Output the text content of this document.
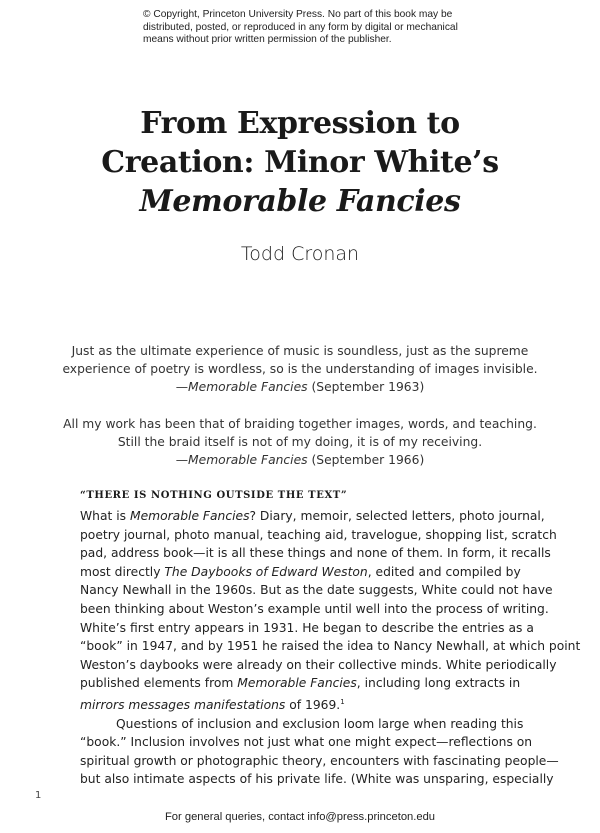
© Copyright, Princeton University Press. No part of this book may be
distributed, posted, or reproduced in any form by digital or mechanical
means without prior written permission of the publisher.
From Expression to
Creation: Minor White’s
Memorable Fancies
Todd Cronan
Just as the ultimate experience of music is soundless, just as the supreme
experience of poetry is wordless, so is the understanding of images invisible.
—Memorable Fancies (September 1963)
All my work has been that of braiding together images, words, and teaching.
Still the braid itself is not of my doing, it is of my receiving.
—Memorable Fancies (September 1966)
“THERE IS NOTHING OUTSIDE THE TEXT”
What is Memorable Fancies? Diary, memoir, selected letters, photo journal,
poetry journal, photo manual, teaching aid, travelogue, shopping list, scratch
pad, address book—it is all these things and none of them. In form, it recalls
most directly The Daybooks of Edward Weston, edited and compiled by
Nancy Newhall in the 1960s. But as the date suggests, White could not have
been thinking about Weston’s example until well into the process of writing.
White’s first entry appears in 1931. He began to describe the entries as a
“book” in 1947, and by 1951 he raised the idea to Nancy Newhall, at which point
Weston’s daybooks were already on their collective minds. White periodically
published elements from Memorable Fancies, including long extracts in
mirrors messages manifestations of 1969.$^1$
Questions of inclusion and exclusion loom large when reading this
“book.” Inclusion involves not just what one might expect—reflections on
spiritual growth or photographic theory, encounters with fascinating people—
but also intimate aspects of his private life. (White was unsparing, especially
1
For general queries, contact info@press.princeton.edu
